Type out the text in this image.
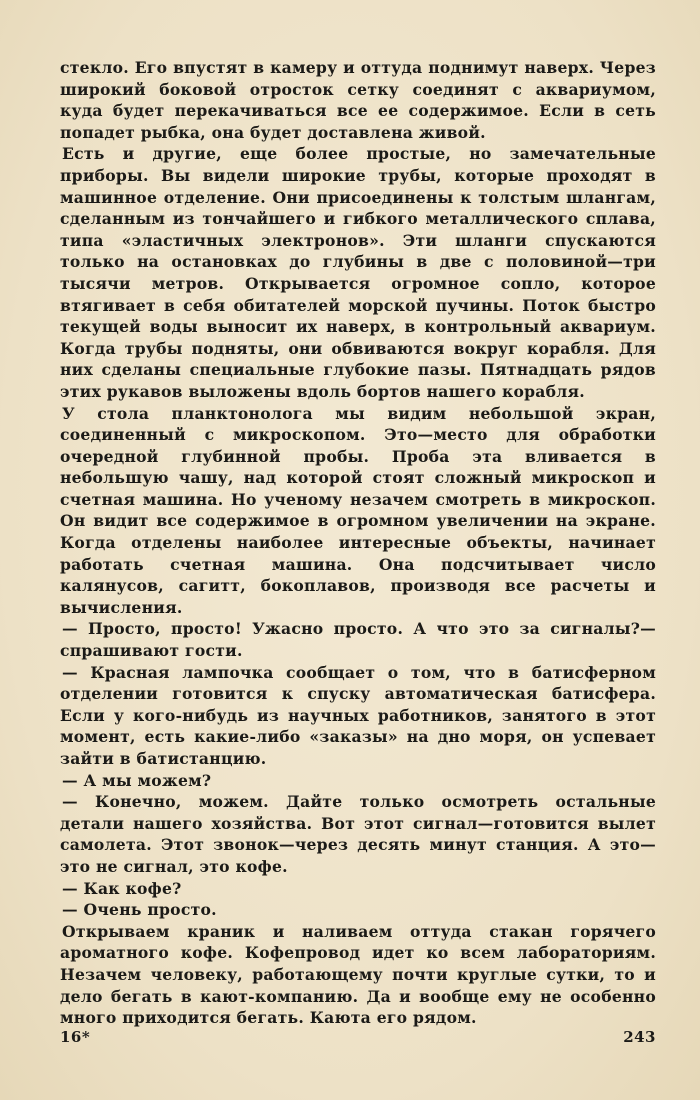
стекло. Его впустят в камеру и оттуда поднимут наверх. Через широкий боковой отросток сетку соединят с аквариумом, куда будет перекачиваться все ее содержимое. Если в сеть попадет рыбка, она будет доставлена живой.

Есть и другие, еще более простые, но замечательные приборы. Вы видели широкие трубы, которые проходят в машинное отделение. Они присоединены к толстым шлангам, сделанным из тончайшего и гибкого металлического сплава, типа «эластичных электронов». Эти шланги спускаются только на остановках до глубины в две с половиной—три тысячи метров. Открывается огромное сопло, которое втягивает в себя обитателей морской пучины. Поток быстро текущей воды выносит их наверх, в контрольный аквариум. Когда трубы подняты, они обвиваются вокруг корабля. Для них сделаны специальные глубокие пазы. Пятнадцать рядов этих рукавов выложены вдоль бортов нашего корабля.

У стола планктонолога мы видим небольшой экран, соединенный с микроскопом. Это—место для обработки очередной глубинной пробы. Проба эта вливается в небольшую чашу, над которой стоят сложный микроскоп и счетная машина. Но ученому незачем смотреть в микроскоп. Он видит все содержимое в огромном увеличении на экране. Когда отделены наиболее интересные объекты, начинает работать счетная машина. Она подсчитывает число калянусов, сагитт, бокоплавов, производя все расчеты и вычисления.

— Просто, просто! Ужасно просто. А что это за сигналы?— спрашивают гости.

— Красная лампочка сообщает о том, что в батисферном отделении готовится к спуску автоматическая батисфера. Если у кого-нибудь из научных работников, занятого в этот момент, есть какие-либо «заказы» на дно моря, он успевает зайти в батистанцию.

— А мы можем?

— Конечно, можем. Дайте только осмотреть остальные детали нашего хозяйства. Вот этот сигнал—готовится вылет самолета. Этот звонок—через десять минут станция. А это—это не сигнал, это кофе.

— Как кофе?

— Очень просто.

Открываем краник и наливаем оттуда стакан горячего ароматного кофе. Кофепровод идет ко всем лабораториям. Незачем человеку, работающему почти круглые сутки, то и дело бегать в кают-компанию. Да и вообще ему не особенно много приходится бегать. Каюта его рядом.

16*	243
